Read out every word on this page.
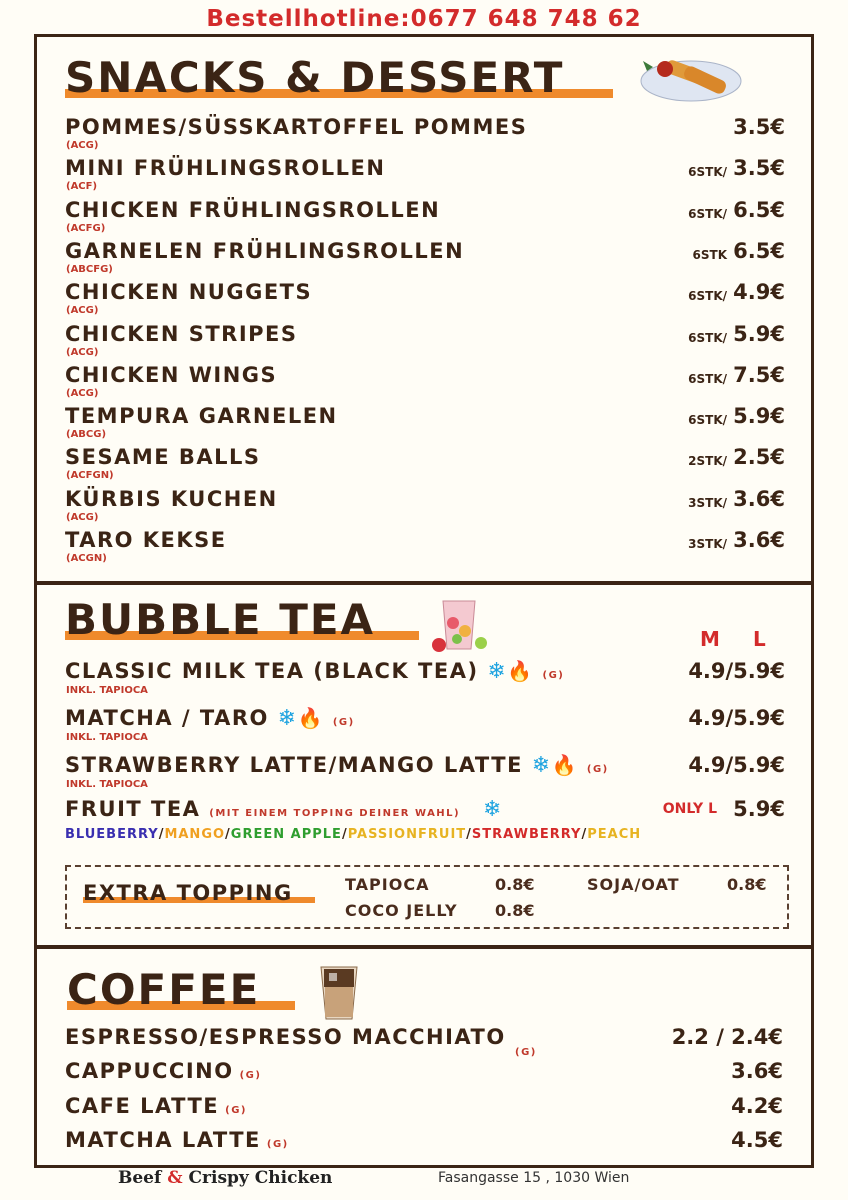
Bestellhotline:0677 648 748 62
SNACKS & DESSERT
POMMES/SÜSSKARTOFFEL POMMES
(ACG)
3.5€
MINI FRÜHLINGSROLLEN
(ACF)
6STK/ 3.5€
CHICKEN FRÜHLINGSROLLEN
(ACFG)
6STK/ 6.5€
GARNELEN FRÜHLINGSROLLEN
(ABCFG)
6STK 6.5€
CHICKEN NUGGETS
(ACG)
6STK/ 4.9€
CHICKEN STRIPES
(ACG)
6STK/ 5.9€
CHICKEN WINGS
(ACG)
6STK/ 7.5€
TEMPURA GARNELEN
(ABCG)
6STK/ 5.9€
SESAME BALLS
(ACFGN)
2STK/ 2.5€
KÜRBIS KUCHEN
(ACG)
3STK/ 3.6€
TARO KEKSE
(ACGN)
3STK/ 3.6€
BUBBLE TEA	M L
CLASSIC MILK TEA (BLACK TEA) ❄🔥 (G)
INKL. TAPIOCA
4.9/5.9€
MATCHA / TARO ❄🔥 (G)
INKL. TAPIOCA
4.9/5.9€
STRAWBERRY LATTE/MANGO LATTE ❄🔥 (G)
INKL. TAPIOCA
4.9/5.9€
FRUIT TEA (MIT EINEM TOPPING DEINER WAHL) ❄	ONLY L 5.9€
BLUEBERRY/MANGO/GREEN APPLE/PASSIONFRUIT/STRAWBERRY/PEACH
EXTRA TOPPING	TAPIOCA	0.8€	SOJA/OAT	0.8€
COCO JELLY 0.8€
COFFEE
ESPRESSO/ESPRESSO MACCHIATO
(G)
2.2 / 2.4€
CAPPUCCINO (G)	3.6€
CAFE LATTE (G)	4.2€
MATCHA LATTE (G)	4.5€
Beef & Crispy Chicken	Fasangasse 15 , 1030 Wien
